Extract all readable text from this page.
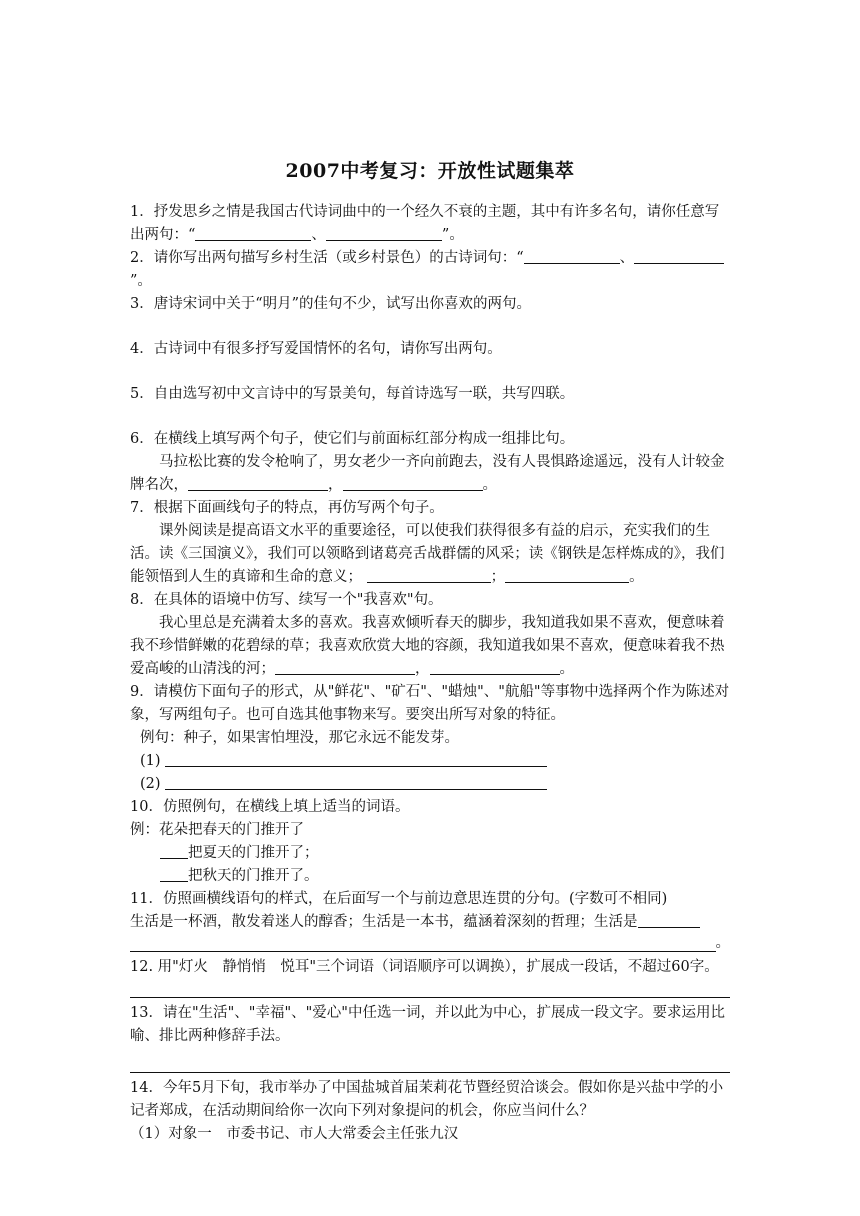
2007中考复习：开放性试题集萃

1．抒发思乡之情是我国古代诗词曲中的一个经久不衰的主题，其中有许多名句，请你任意写出两句：“	、	”。

2．请你写出两句描写乡村生活（或乡村景色）的古诗词句：“	、”。

3．唐诗宋词中关于“明月”的佳句不少，试写出你喜欢的两句。

4．古诗词中有很多抒写爱国情怀的名句，请你写出两句。

5．自由选写初中文言诗中的写景美句，每首诗选写一联，共写四联。

6．在横线上填写两个句子，使它们与前面标红部分构成一组排比句。

马拉松比赛的发令枪响了，男女老少一齐向前跑去，没有人畏惧路途遥远，没有人计较金牌名次，	，	。

7．根据下面画线句子的特点，再仿写两个句子。

课外阅读是提高语文水平的重要途径，可以使我们获得很多有益的启示，充实我们的生活。读《三国演义》，我们可以领略到诸葛亮舌战群儒的风采；读《钢铁是怎样炼成的》，我们能领悟到人生的真谛和生命的意义；	；	。

8．在具体的语境中仿写、续写一个"我喜欢"句。

我心里总是充满着太多的喜欢。我喜欢倾听春天的脚步，我知道我如果不喜欢，便意味着我不珍惜鲜嫩的花碧绿的草；我喜欢欣赏大地的容颜，我知道我如果不喜欢，便意味着我不热爱高峻的山清浅的河；	，	。

9．请模仿下面句子的形式，从"鲜花"、"矿石"、"蜡烛"、"航船"等事物中选择两个作为陈述对象，写两组句子。也可自选其他事物来写。要突出所写对象的特征。

例句：种子，如果害怕埋没，那它永远不能发芽。

(1)

(2)

10．仿照例句，在横线上填上适当的词语。

例：花朵把春天的门推开了

把夏天的门推开了；

把秋天的门推开了。

11．仿照画横线语句的样式，在后面写一个与前边意思连贯的分句。(字数可不相同)

生活是一杯酒，散发着迷人的醇香；生活是一本书，蕴涵着深刻的哲理；生活是

。

12. 用"灯火　静悄悄　悦耳"三个词语（词语顺序可以调换），扩展成一段话，不超过60字。

13．请在"生活"、"幸福"、"爱心"中任选一词，并以此为中心，扩展成一段文字。要求运用比喻、排比两种修辞手法。

14．今年5月下旬，我市举办了中国盐城首届茉莉花节暨经贸洽谈会。假如你是兴盐中学的小记者郑成，在活动期间给你一次向下列对象提问的机会，你应当问什么？

（1）对象一　市委书记、市人大常委会主任张九汉
